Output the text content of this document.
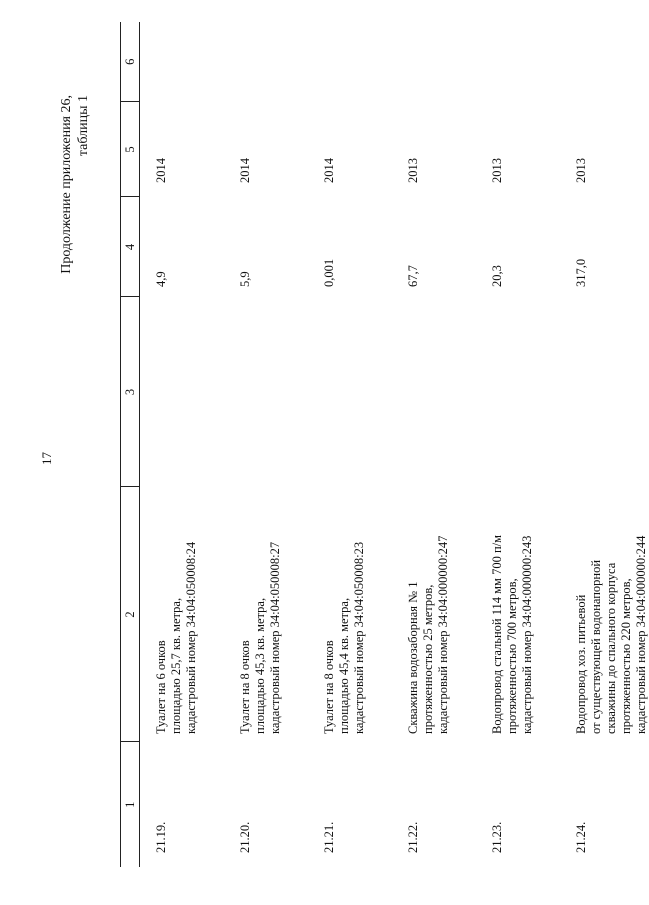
17
Продолжение приложения 26, таблицы 1
1	2	3	4	5	6
21.19.	Туалет на 6 очков площадью 25,7 кв. метра, кадастровый номер 34:04:050008:24		4,9	2014	
21.20.	Туалет на 8 очков площадью 45,3 кв. метра, кадастровый номер 34:04:050008:27		5,9	2014	
21.21.	Туалет на 8 очков площадью 45,4 кв. метра, кадастровый номер 34:04:050008:23		0,001	2014	
21.22.	Скважина водозаборная № 1 протяженностью 25 метров, кадастровый номер 34:04:000000:247		67,7	2013	
21.23.	Водопровод стальной 114 мм 700 п/м протяженностью 700 метров, кадастровый номер 34:04:000000:243		20,3	2013	
21.24.	Водопровод хоз. питьевой от существующей водонапорной скважины до спального корпуса протяженностью 220 метров, кадастровый номер 34:04:000000:244		317,0	2013	
